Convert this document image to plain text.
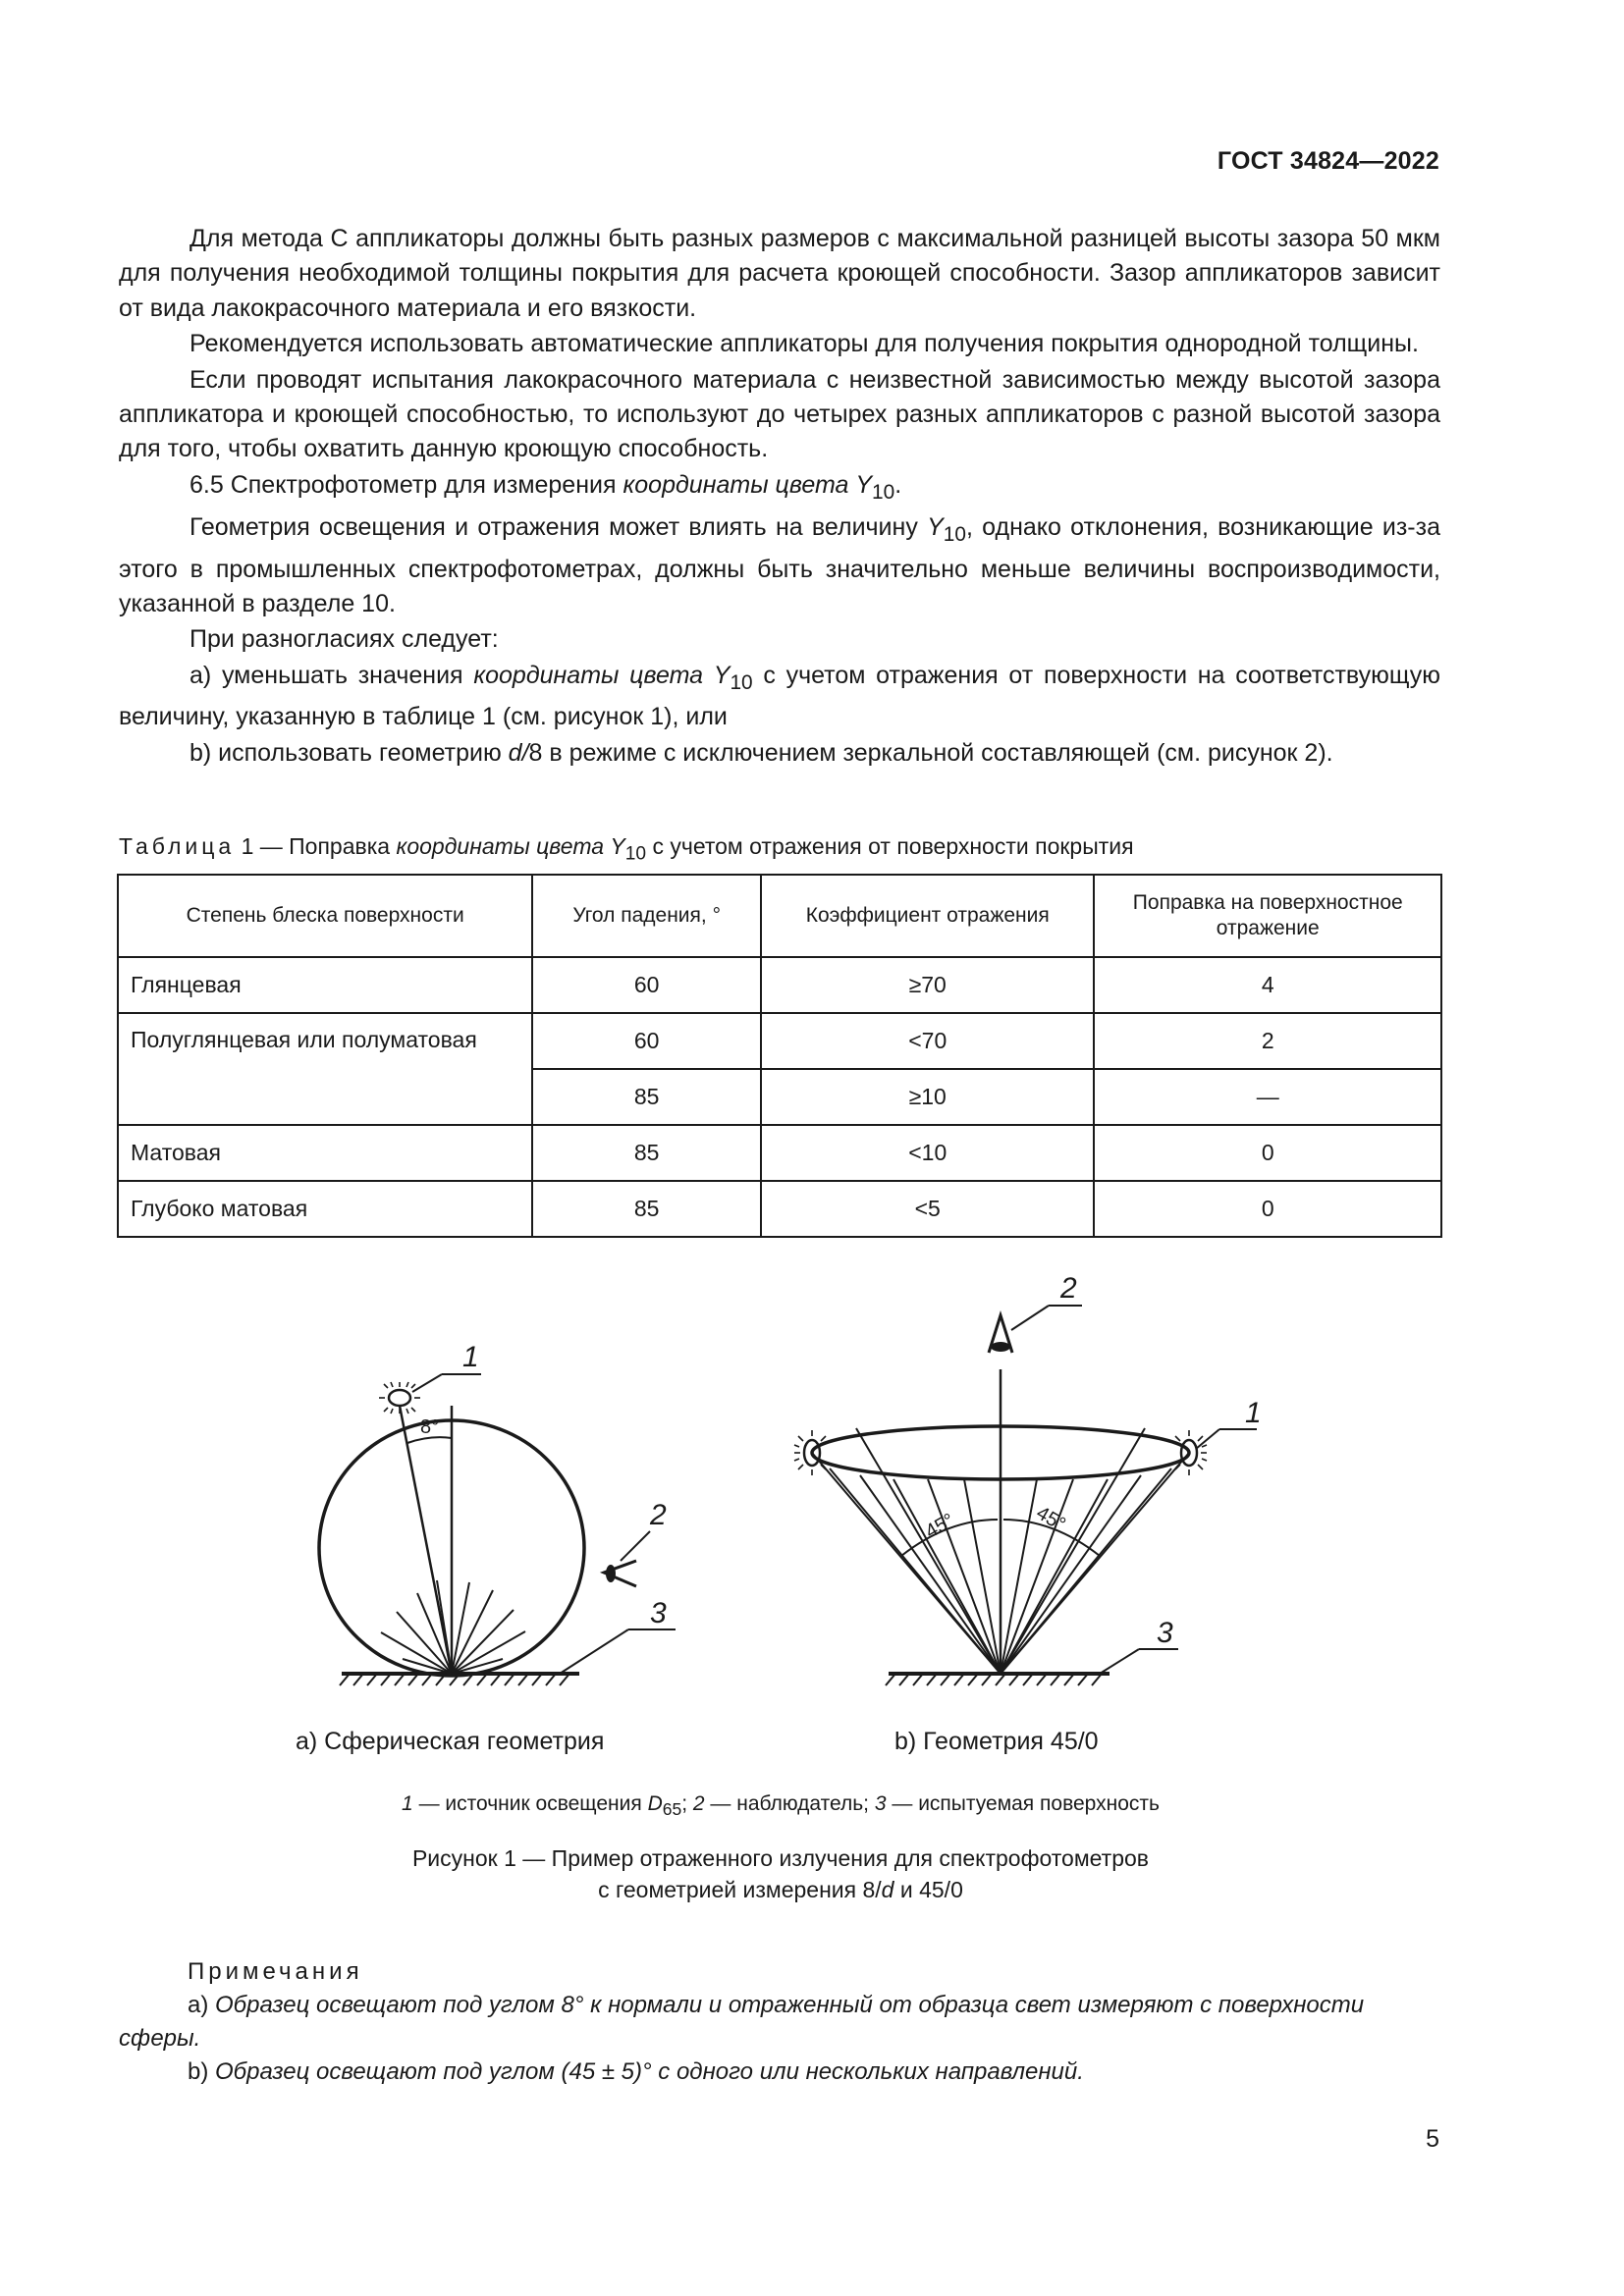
ГОСТ 34824—2022

Для метода С аппликаторы должны быть разных размеров с максимальной разницей высоты зазора 50 мкм для получения необходимой толщины покрытия для расчета кроющей способности. Зазор аппликаторов зависит от вида лакокрасочного материала и его вязкости.

Рекомендуется использовать автоматические аппликаторы для получения покрытия однородной толщины.

Если проводят испытания лакокрасочного материала с неизвестной зависимостью между высотой зазора аппликатора и кроющей способностью, то используют до четырех разных аппликаторов с разной высотой зазора для того, чтобы охватить данную кроющую способность.

6.5 Спектрофотометр для измерения координаты цвета $Y_{10}$.

Геометрия освещения и отражения может влиять на величину $Y_{10}$, однако отклонения, возникающие из-за этого в промышленных спектрофотометрах, должны быть значительно меньше величины воспроизводимости, указанной в разделе 10.

При разногласиях следует:

a) уменьшать значения координаты цвета $Y_{10}$ с учетом отражения от поверхности на соответствующую величину, указанную в таблице 1 (см. рисунок 1), или

b) использовать геометрию d/8 в режиме с исключением зеркальной составляющей (см. рисунок 2).

Таблица 1 — Поправка координаты цвета $Y_{10}$ с учетом отражения от поверхности покрытия
Степень блеска поверхности	Угол падения, °	Коэффициент отражения	Поправка на поверхностное отражение
Глянцевая	60	≥70	4
Полуглянцевая или полуматовая	60	<70	2
	85	≥10	—
Матовая	85	<10	0
Глубоко матовая	85	<5	0
1
2
3
1
2
3
8°
45°	45°
а) Сферическая геометрия	b) Геометрия 45/0
1 — источник освещения $D_{65}$; 2 — наблюдатель; 3 — испытуемая поверхность
Рисунок 1 — Пример отраженного излучения для спектрофотометров
с геометрией измерения 8/d и 45/0

Примечания

а) Образец освещают под углом 8° к нормали и отраженный от образца свет измеряют с поверхности сферы.

b) Образец освещают под углом (45 ± 5)° с одного или нескольких направлений.

5
